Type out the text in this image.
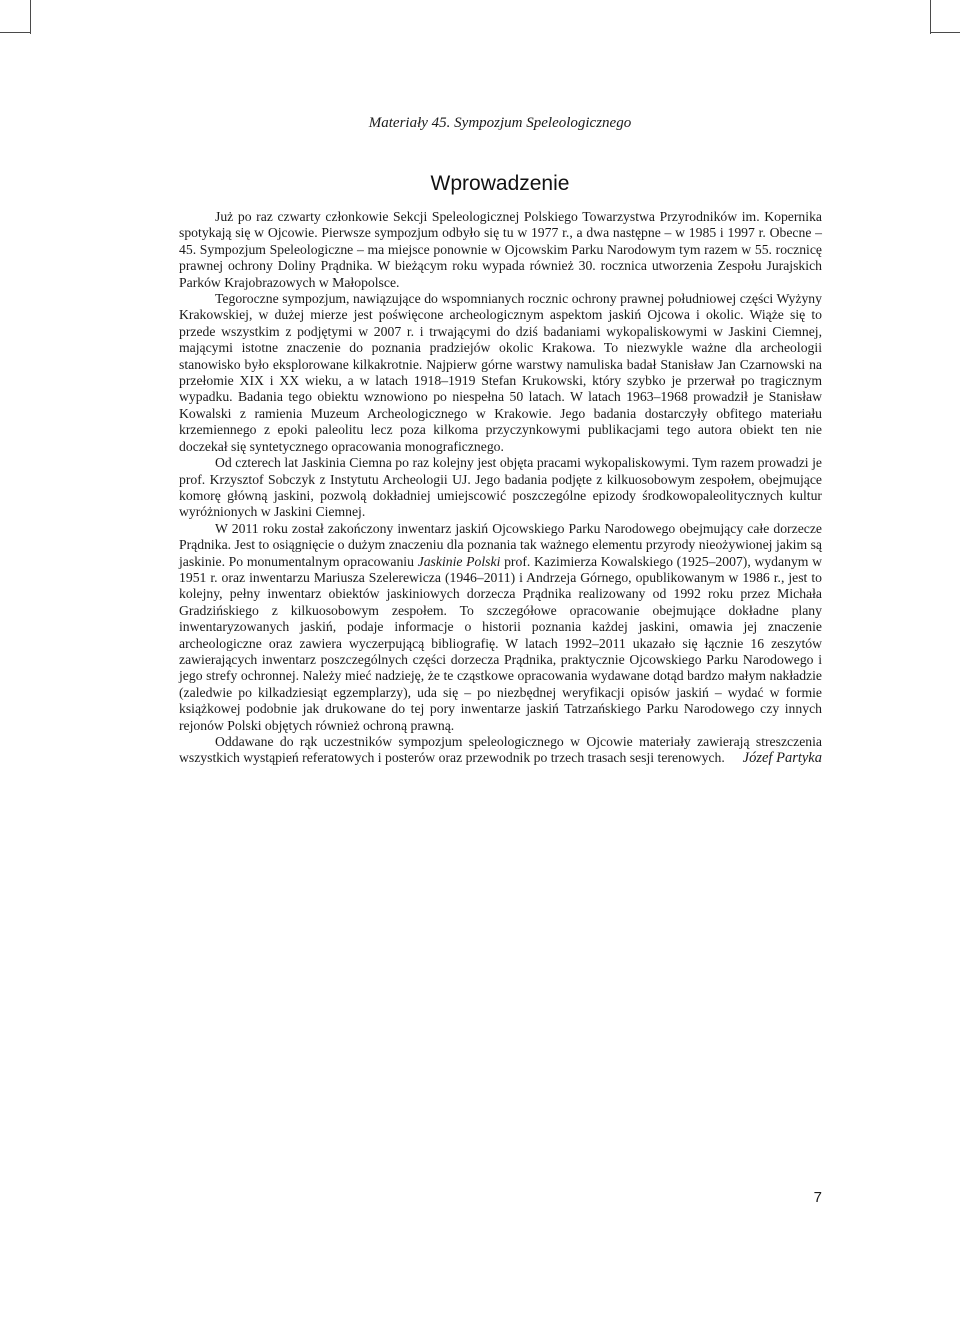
Materiały 45. Sympozjum Speleologicznego
Wprowadzenie

Już po raz czwarty członkowie Sekcji Speleologicznej Polskiego Towarzystwa Przyrodników im. Kopernika spotykają się w Ojcowie. Pierwsze sympozjum odbyło się tu w 1977 r., a dwa następne – w 1985 i 1997 r. Obecne – 45. Sympozjum Speleologiczne – ma miejsce ponownie w Ojcowskim Parku Narodowym tym razem w 55. rocznicę prawnej ochrony Doliny Prądnika. W bieżącym roku wypada również 30. rocznica utworzenia Zespołu Jurajskich Parków Krajobrazowych w Małopolsce.

Tegoroczne sympozjum, nawiązujące do wspomnianych rocznic ochrony prawnej południowej części Wyżyny Krakowskiej, w dużej mierze jest poświęcone archeologicznym aspektom jaskiń Ojcowa i okolic. Wiąże się to przede wszystkim z podjętymi w 2007 r. i trwającymi do dziś badaniami wykopaliskowymi w Jaskini Ciemnej, mającymi istotne znaczenie do poznania pradziejów okolic Krakowa. To niezwykle ważne dla archeologii stanowisko było eksplorowane kilkakrotnie. Najpierw górne warstwy namuliska badał Stanisław Jan Czarnowski na przełomie XIX i XX wieku, a w latach 1918–1919 Stefan Krukowski, który szybko je przerwał po tragicznym wypadku. Badania tego obiektu wznowiono po niespełna 50 latach. W latach 1963–1968 prowadził je Stanisław Kowalski z ramienia Muzeum Archeologicznego w Krakowie. Jego badania dostarczyły obfitego materiału krzemiennego z epoki paleolitu lecz poza kilkoma przyczynkowymi publikacjami tego autora obiekt ten nie doczekał się syntetycznego opracowania monograficznego.

Od czterech lat Jaskinia Ciemna po raz kolejny jest objęta pracami wykopaliskowymi. Tym razem prowadzi je prof. Krzysztof Sobczyk z Instytutu Archeologii UJ. Jego badania podjęte z kilkuosobowym zespołem, obejmujące komorę główną jaskini, pozwolą dokładniej umiejscowić poszczególne epizody środkowopaleolitycznych kultur wyróżnionych w Jaskini Ciemnej.

W 2011 roku został zakończony inwentarz jaskiń Ojcowskiego Parku Narodowego obejmujący całe dorzecze Prądnika. Jest to osiągnięcie o dużym znaczeniu dla poznania tak ważnego elementu przyrody nieożywionej jakim są jaskinie. Po monumentalnym opracowaniu Jaskinie Polski prof. Kazimierza Kowalskiego (1925–2007), wydanym w 1951 r. oraz inwentarzu Mariusza Szelerewicza (1946–2011) i Andrzeja Górnego, opublikowanym w 1986 r., jest to kolejny, pełny inwentarz obiektów jaskiniowych dorzecza Prądnika realizowany od 1992 roku przez Michała Gradzińskiego z kilkuosobowym zespołem. To szczegółowe opracowanie obejmujące dokładne plany inwentaryzowanych jaskiń, podaje informacje o historii poznania każdej jaskini, omawia jej znaczenie archeologiczne oraz zawiera wyczerpującą bibliografię. W latach 1992–2011 ukazało się łącznie 16 zeszytów zawierających inwentarz poszczególnych części dorzecza Prądnika, praktycznie Ojcowskiego Parku Narodowego i jego strefy ochronnej. Należy mieć nadzieję, że te cząstkowe opracowania wydawane dotąd bardzo małym nakładzie (zaledwie po kilkadziesiąt egzemplarzy), uda się – po niezbędnej weryfikacji opisów jaskiń – wydać w formie książkowej podobnie jak drukowane do tej pory inwentarze jaskiń Tatrzańskiego Parku Narodowego czy innych rejonów Polski objętych również ochroną prawną.

Oddawane do rąk uczestników sympozjum speleologicznego w Ojcowie materiały zawierają streszczenia wszystkich wystąpień referatowych i posterów oraz przewodnik po trzech trasach sesji terenowych.	Józef Partyka
7
